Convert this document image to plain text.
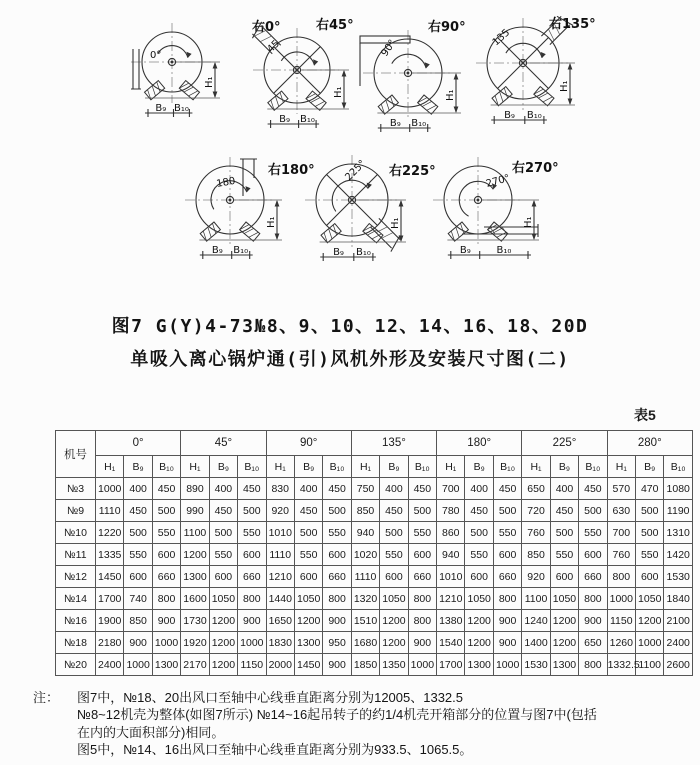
H₁
B₉ B₁₀
0°
右0°
H₁
B₉ B₁₀
45
右45°
H₁
B₉ B₁₀
90°
右90°
H₁
B₉ B₁₀
135
右135°
H₁
B₉ B₁₀
180
右180°
H₁
B₉ B₁₀
225° 右225°
H₁
B₉	B₁₀
270°
右270°
图7 G(Y)4-73№8、9、10、12、14、16、18、20D
单吸入离心锅炉通(引)风机外形及安装尺寸图(二)
表5
机号	0°			45°			90°			135°			180°			225°			280°		
	H₁	B₉	B₁₀	H₁	B₉	B₁₀	H₁	B₉	B₁₀	H₁	B₉	B₁₀	H₁	B₉	B₁₀	H₁	B₉	B₁₀	H₁	B₉	B₁₀
№3	1000	400	450	890	400	450	830	400	450	750	400	450	700	400	450	650	400	450	570	470	1080
№9	1110	450	500	990	450	500	920	450	500	850	450	500	780	450	500	720	450	500	630	500	1190
№10	1220	500	550	1100	500	550	1010	500	550	940	500	550	860	500	550	760	500	550	700	500	1310
№11	1335	550	600	1200	550	600	1110	550	600	1020	550	600	940	550	600	850	550	600	760	550	1420
№12	1450	600	660	1300	600	660	1210	600	660	1110	600	660	1010	600	660	920	600	660	800	600	1530
№14	1700	740	800	1600	1050	800	1440	1050	800	1320	1050	800	1210	1050	800	1100	1050	800	1000	1050	1840
№16	1900	850	900	1730	1200	900	1650	1200	900	1510	1200	800	1380	1200	900	1240	1200	900	1150	1200	2100
№18	2180	900	1000	1920	1200	1000	1830	1300	950	1680	1200	900	1540	1200	900	1400	1200	650	1260	1000	2400
№20	2400	1000	1300	2170	1200	1150	2000	1450	900	1850	1350	1000	1700	1300	1000	1530	1300	800	1332.5	1100	2600
注：	图7中，№18、20出风口至轴中心线垂直距离分别为12005、1332.5
№8~12机壳为整体(如图7所示) №14~16起吊转子的约1/4机壳开箱部分的位置与图7中(包括
在内的大面积部分)相同。
图5中，№14、16出风口至轴中心线垂直距离分别为933.5、1065.5。
